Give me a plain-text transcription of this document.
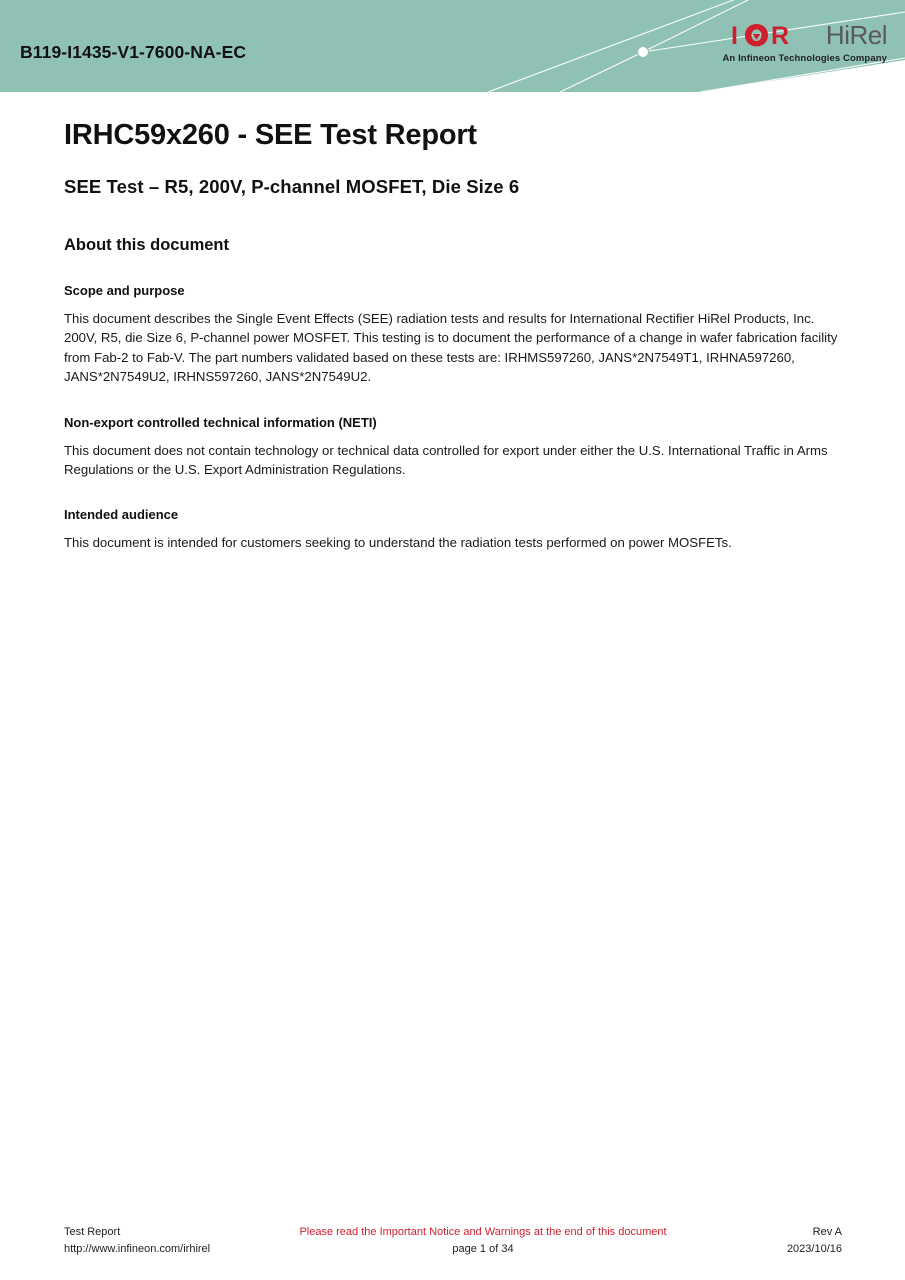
B119-I1435-V1-7600-NA-EC
I R HiRel
An Infineon Technologies Company
IRHC59x260 - SEE Test Report
SEE Test – R5, 200V, P-channel MOSFET, Die Size 6
About this document
Scope and purpose

This document describes the Single Event Effects (SEE) radiation tests and results for International Rectifier HiRel Products, Inc. 200V, R5, die Size 6, P-channel power MOSFET. This testing is to document the performance of a change in wafer fabrication facility from Fab-2 to Fab-V. The part numbers validated based on these tests are: IRHMS597260, JANS*2N7549T1, IRHNA597260, JANS*2N7549U2, IRHNS597260, JANS*2N7549U2.

Non-export controlled technical information (NETI)

This document does not contain technology or technical data controlled for export under either the U.S. International Traffic in Arms Regulations or the U.S. Export Administration Regulations.

Intended audience

This document is intended for customers seeking to understand the radiation tests performed on power MOSFETs.

Test Report	Please read the Important Notice and Warnings at the end of this document	Rev A
http://www.infineon.com/irhirel	page 1 of 34	2023/10/16
